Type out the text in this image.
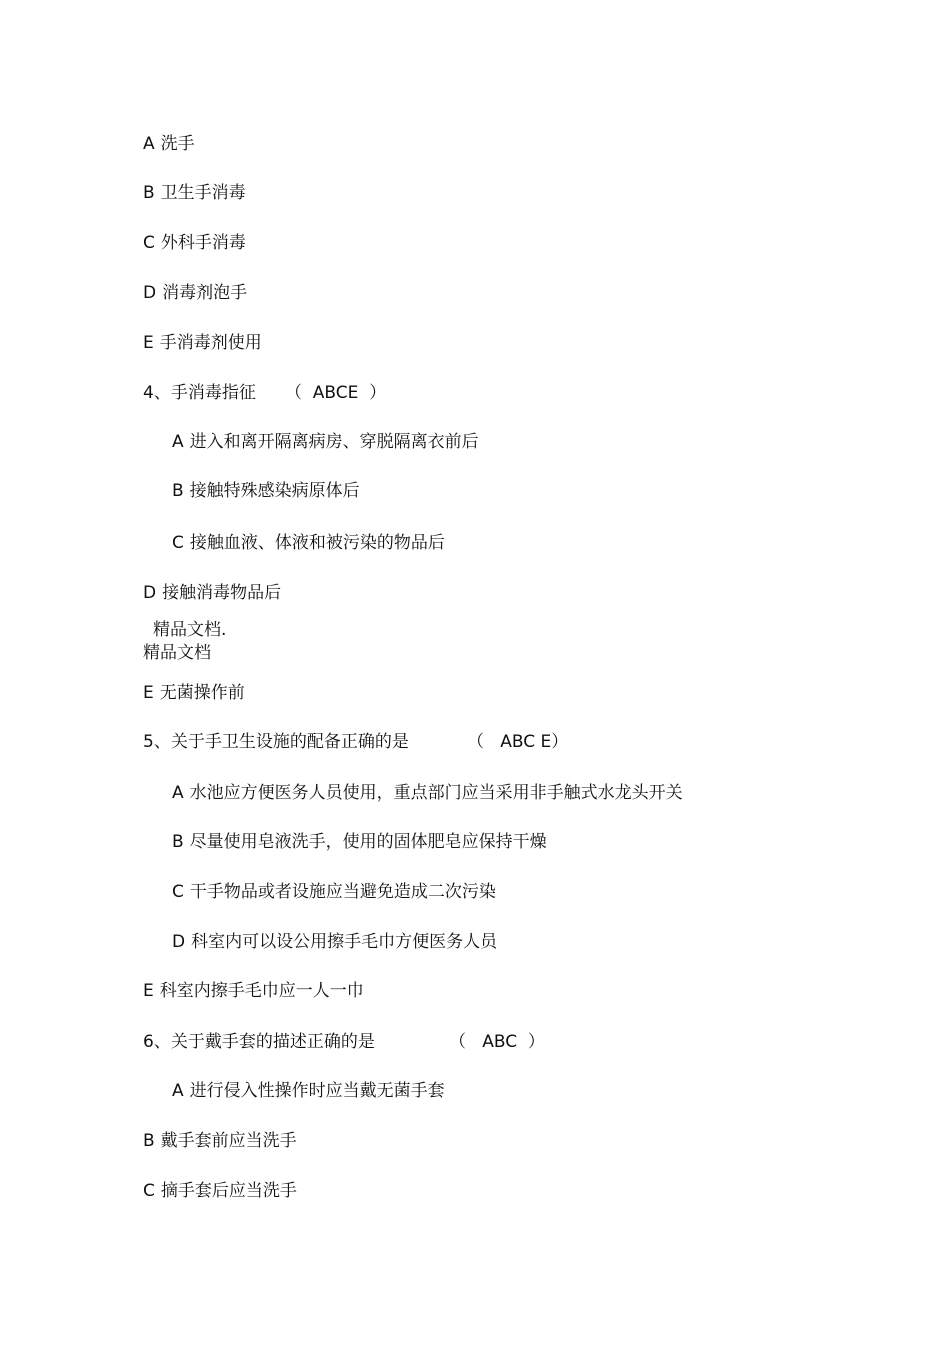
A 洗手

B 卫生手消毒

C 外科手消毒

D 消毒剂泡手

E 手消毒剂使用

4、手消毒指征 （  ABCE  ）

A 进入和离开隔离病房、穿脱隔离衣前后

B 接触特殊感染病原体后

C 接触血液、体液和被污染的物品后

D 接触消毒物品后

精品文档.

精品文档

E 无菌操作前

5、关于手卫生设施的配备正确的是	（   ABC E）

A 水池应方便医务人员使用，重点部门应当采用非手触式水龙头开关

B 尽量使用皂液洗手，使用的固体肥皂应保持干燥

C 干手物品或者设施应当避免造成二次污染

D 科室内可以设公用擦手毛巾方便医务人员

E 科室内擦手毛巾应一人一巾

6、关于戴手套的描述正确的是	（   ABC  ）

A 进行侵入性操作时应当戴无菌手套

B 戴手套前应当洗手

C 摘手套后应当洗手
